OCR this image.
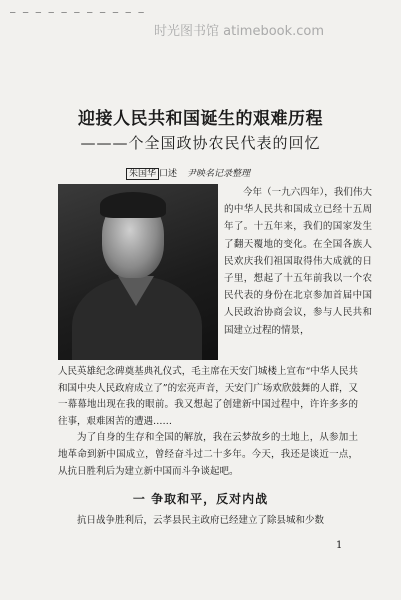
— — — — — — — — — — —
时光图书馆 atimebook.com
迎接人民共和国诞生的艰难历程
———个全国政协农民代表的回忆
朱国华 口述 尹映名记录整理

今年（一九六四年），我们伟大的中华人民共和国成立已经十五周年了。十五年来，我们的国家发生了翻天覆地的变化。在全国各族人民欢庆我们祖国取得伟大成就的日子里，想起了十五年前我以一个农民代表的身份在北京参加首届中国人民政治协商会议，参与人民共和国建立过程的情景，

人民英雄纪念碑奠基典礼仪式，毛主席在天安门城楼上宣布“中华人民共和国中央人民政府成立了”的宏亮声音，天安门广场欢欣鼓舞的人群，又一幕幕地出现在我的眼前。我又想起了创建新中国过程中，许许多多的往事，艰难困苦的遭遇……

为了自身的生存和全国的解放，我在云梦故乡的土地上，从参加土地革命到新中国成立，曾经奋斗过二十多年。今天，我还是谈近一点，从抗日胜利后为建立新中国而斗争谈起吧。

一 争取和平，反对内战

抗日战争胜利后，云孝县民主政府已经建立了除县城和少数

1
